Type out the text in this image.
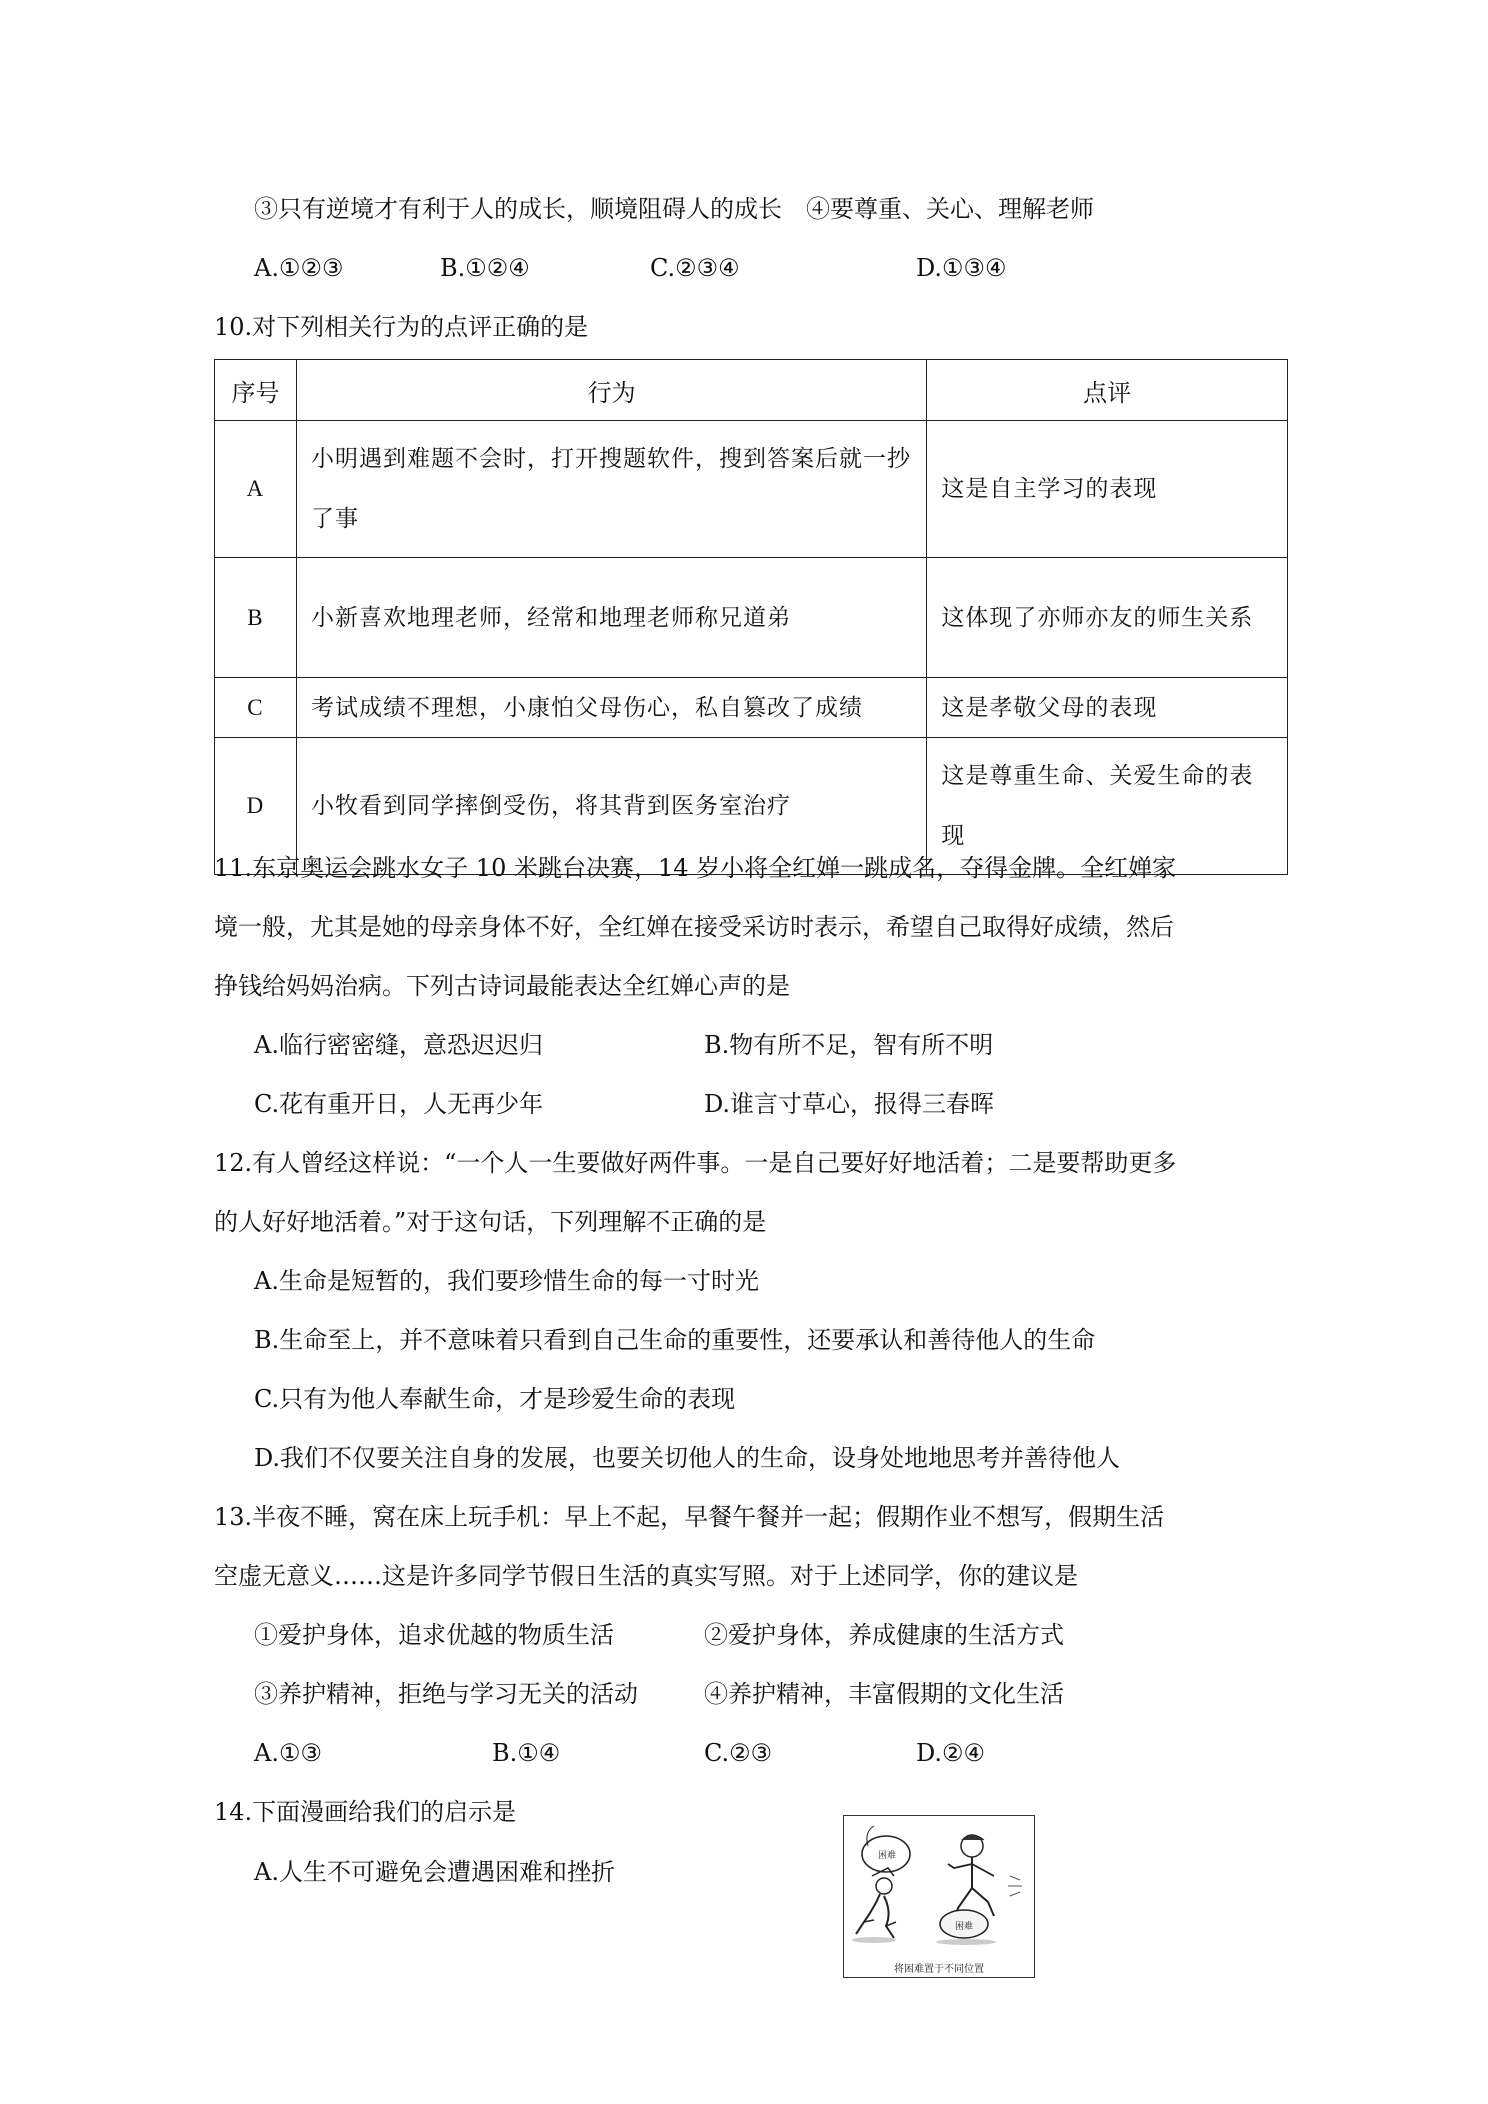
③只有逆境才有利于人的成长，顺境阻碍人的成长　④要尊重、关心、理解老师
A.①②③	B.①②④	C.②③④	D.①③④
10.对下列相关行为的点评正确的是
序号	行为	点评
A	小明遇到难题不会时，打开搜题软件，搜到答案后就一抄了事	这是自主学习的表现
B	小新喜欢地理老师，经常和地理老师称兄道弟	这体现了亦师亦友的师生关系
C	考试成绩不理想，小康怕父母伤心，私自篡改了成绩	这是孝敬父母的表现
D	小牧看到同学摔倒受伤，将其背到医务室治疗	这是尊重生命、关爱生命的表现
11.东京奥运会跳水女子 10 米跳台决赛，14 岁小将全红婵一跳成名，夺得金牌。全红婵家
境一般，尤其是她的母亲身体不好，全红婵在接受采访时表示，希望自己取得好成绩，然后
挣钱给妈妈治病。下列古诗词最能表达全红婵心声的是
A.临行密密缝，意恐迟迟归	B.物有所不足，智有所不明
C.花有重开日，人无再少年	D.谁言寸草心，报得三春晖
12.有人曾经这样说：“一个人一生要做好两件事。一是自己要好好地活着；二是要帮助更多
的人好好地活着。”对于这句话，下列理解不正确的是
A.生命是短暂的，我们要珍惜生命的每一寸时光
B.生命至上，并不意味着只看到自己生命的重要性，还要承认和善待他人的生命
C.只有为他人奉献生命，才是珍爱生命的表现
D.我们不仅要关注自身的发展，也要关切他人的生命，设身处地地思考并善待他人
13.半夜不睡，窝在床上玩手机：早上不起，早餐午餐并一起；假期作业不想写，假期生活
空虚无意义……这是许多同学节假日生活的真实写照。对于上述同学，你的建议是
①爱护身体，追求优越的物质生活	②爱护身体，养成健康的生活方式
③养护精神，拒绝与学习无关的活动	④养护精神，丰富假期的文化生活
A.①③	B.①④	C.②③	D.②④
14.下面漫画给我们的启示是
A.人生不可避免会遭遇困难和挫折
困难
困难
将困难置于不同位置
